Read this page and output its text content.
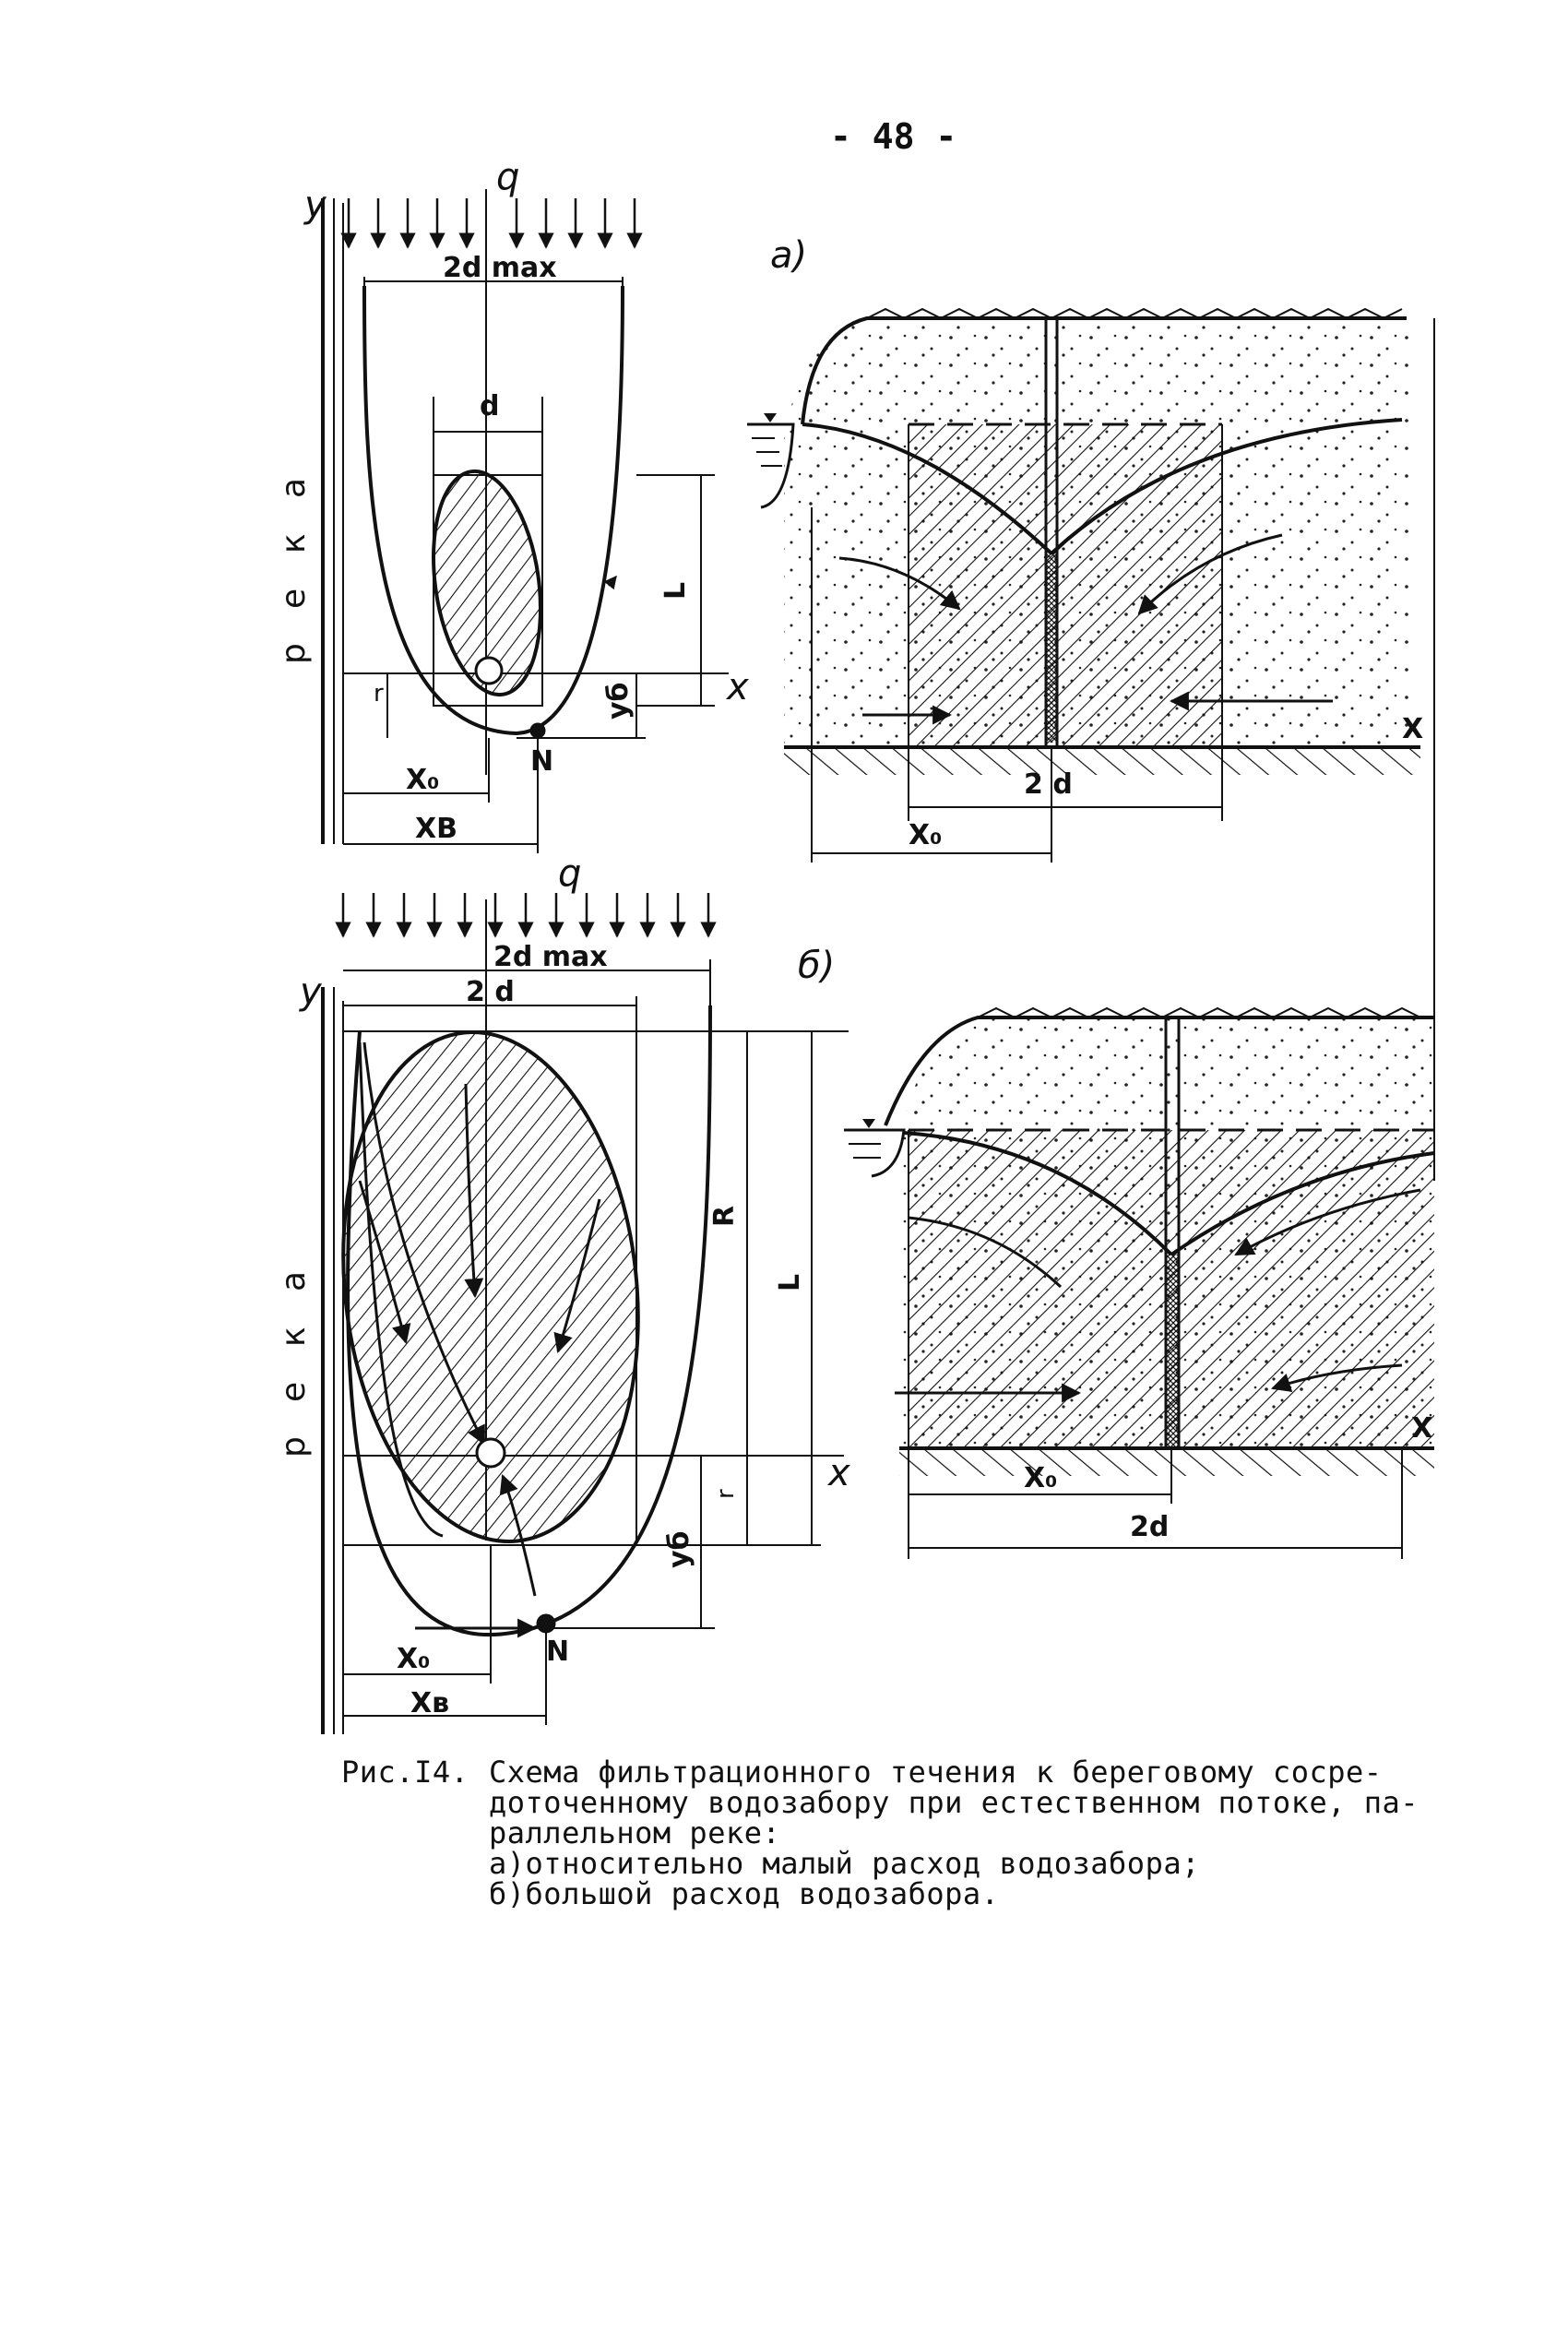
- 48 -
q
y
x
2d max
d
L
r	yб
N
X₀
XB
а
к
е
р
a)
X
2 d
X₀
q
y
x
2d max
2 d
R
L
r
yб
N
X₀
Xв
а
к
е
р
б)
X
X₀
2d
Рис.I4. Схема фильтрационного течения к береговому сосре-
доточенному водозабору при естественном потоке, па-
раллельном реке:
а)относительно малый расход водозабора;
б)большой расход водозабора.
